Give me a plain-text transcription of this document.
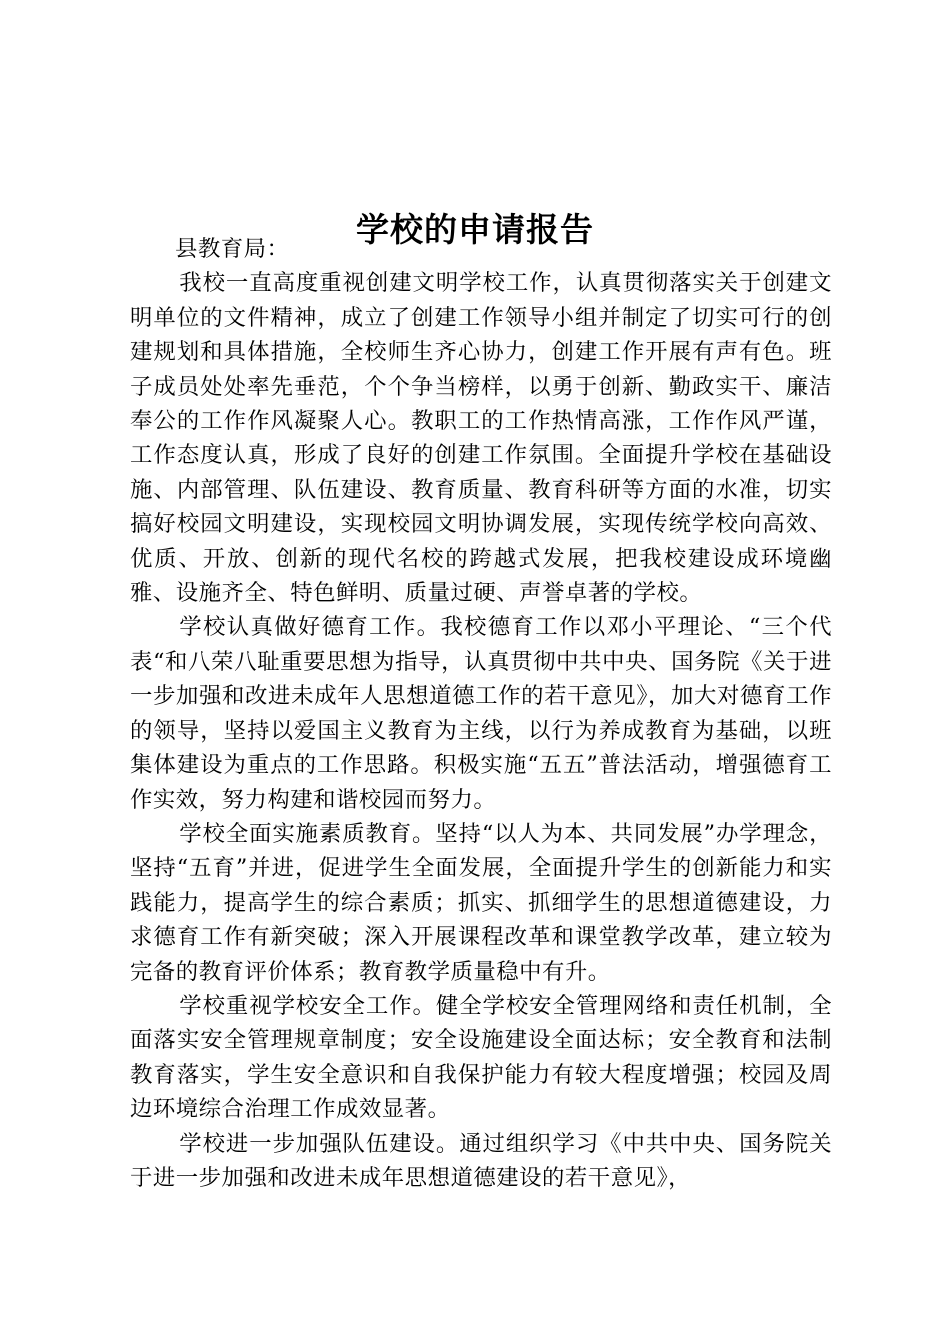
学校的申请报告

县教育局：

我校一直高度重视创建文明学校工作，认真贯彻落实关于创建文明单位的文件精神，成立了创建工作领导小组并制定了切实可行的创建规划和具体措施，全校师生齐心协力，创建工作开展有声有色。班子成员处处率先垂范，个个争当榜样，以勇于创新、勤政实干、廉洁奉公的工作作风凝聚人心。教职工的工作热情高涨，工作作风严谨，工作态度认真，形成了良好的创建工作氛围。全面提升学校在基础设施、内部管理、队伍建设、教育质量、教育科研等方面的水准，切实搞好校园文明建设，实现校园文明协调发展，实现传统学校向高效、优质、开放、创新的现代名校的跨越式发展，把我校建设成环境幽雅、设施齐全、特色鲜明、质量过硬、声誉卓著的学校。

学校认真做好德育工作。我校德育工作以邓小平理论、“三个代表“和八荣八耻重要思想为指导，认真贯彻中共中央、国务院《关于进一步加强和改进未成年人思想道德工作的若干意见》，加大对德育工作的领导，坚持以爱国主义教育为主线，以行为养成教育为基础，以班集体建设为重点的工作思路。积极实施“五五”普法活动，增强德育工作实效，努力构建和谐校园而努力。

学校全面实施素质教育。坚持“以人为本、共同发展”办学理念，坚持“五育”并进，促进学生全面发展，全面提升学生的创新能力和实践能力，提高学生的综合素质；抓实、抓细学生的思想道德建设，力求德育工作有新突破；深入开展课程改革和课堂教学改革，建立较为完备的教育评价体系；教育教学质量稳中有升。

学校重视学校安全工作。健全学校安全管理网络和责任机制，全面落实安全管理规章制度；安全设施建设全面达标；安全教育和法制教育落实，学生安全意识和自我保护能力有较大程度增强；校园及周边环境综合治理工作成效显著。

学校进一步加强队伍建设。通过组织学习《中共中央、国务院关于进一步加强和改进未成年思想道德建设的若干意见》，
